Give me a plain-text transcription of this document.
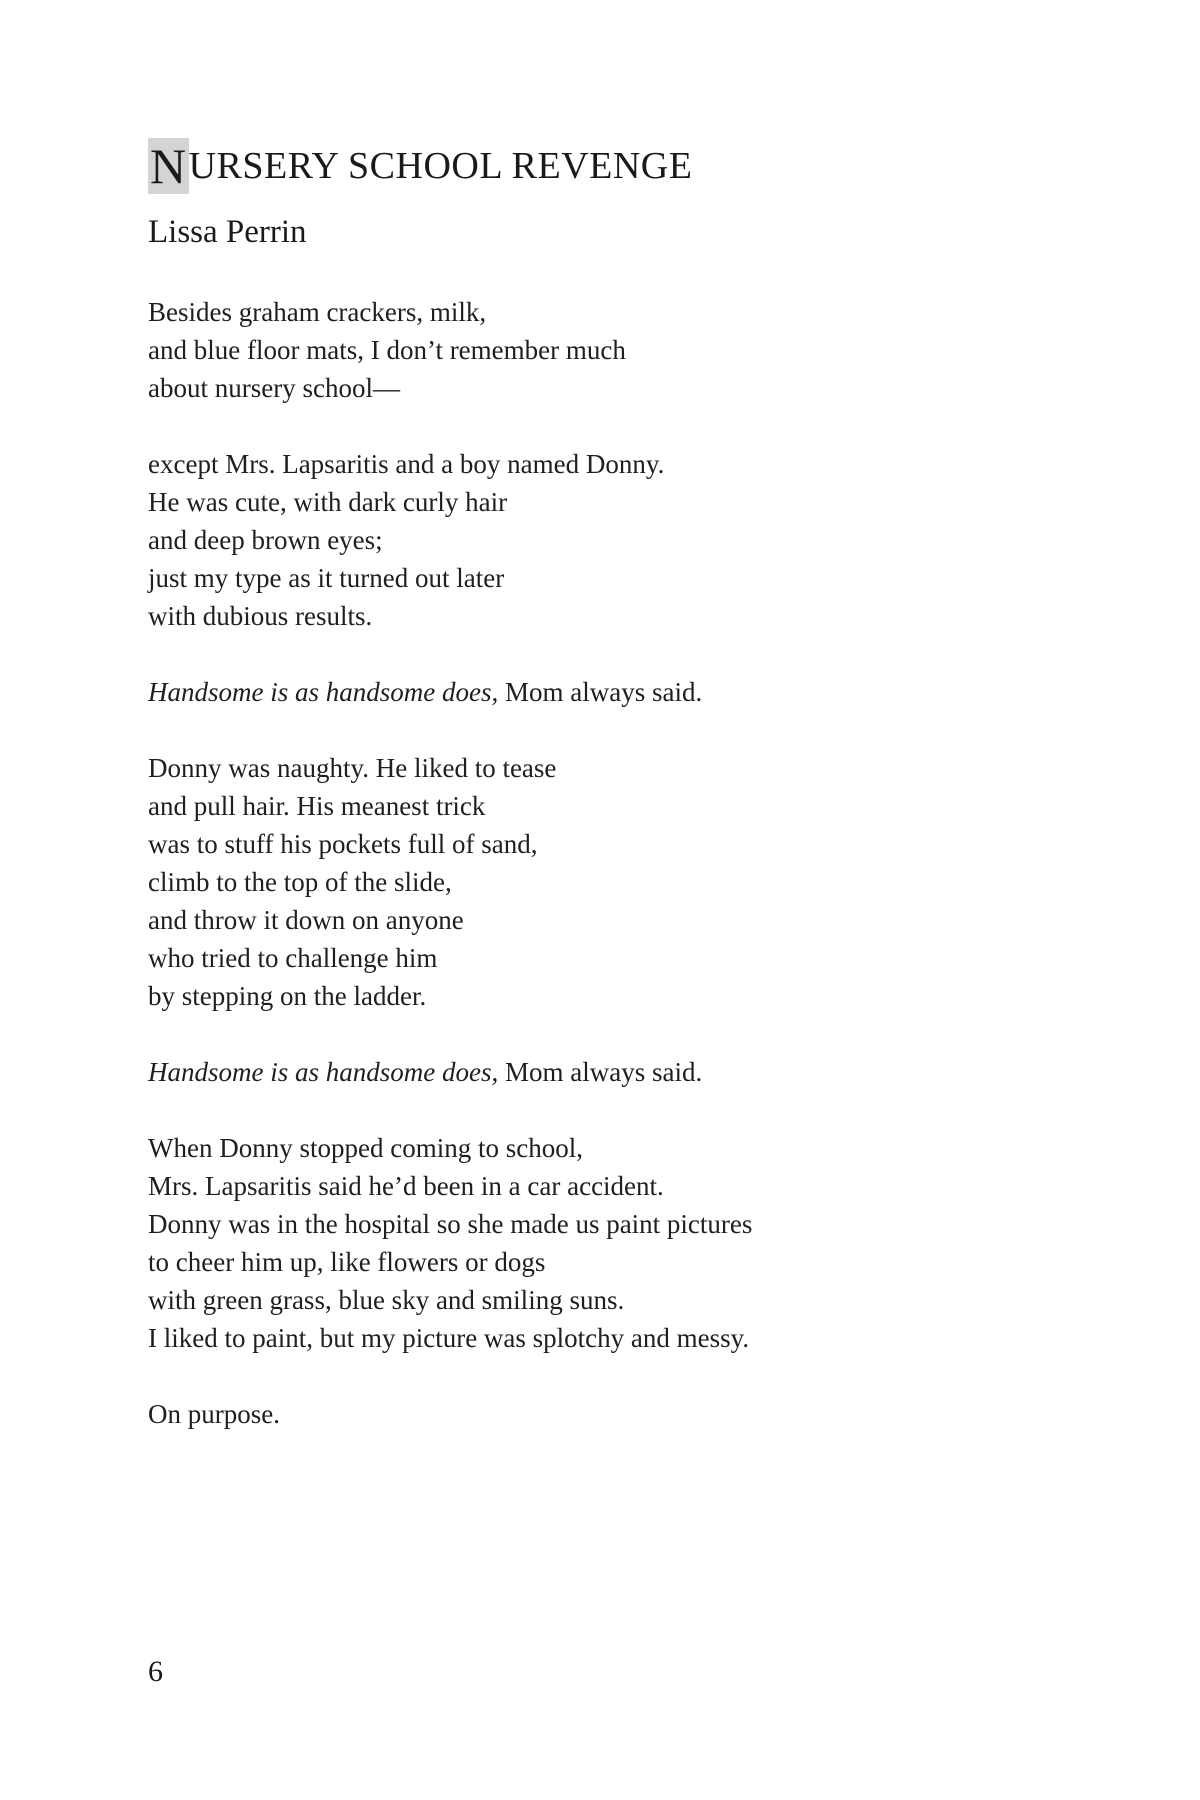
NURSERY SCHOOL REVENGE
Lissa Perrin
Besides graham crackers, milk,
and blue floor mats, I don’t remember much
about nursery school—
except Mrs. Lapsaritis and a boy named Donny.
He was cute, with dark curly hair
and deep brown eyes;
just my type as it turned out later
with dubious results.
Handsome is as handsome does, Mom always said.
Donny was naughty. He liked to tease
and pull hair. His meanest trick
was to stuff his pockets full of sand,
climb to the top of the slide,
and throw it down on anyone
who tried to challenge him
by stepping on the ladder.
Handsome is as handsome does, Mom always said.
When Donny stopped coming to school,
Mrs. Lapsaritis said he’d been in a car accident.
Donny was in the hospital so she made us paint pictures
to cheer him up, like flowers or dogs
with green grass, blue sky and smiling suns.
I liked to paint, but my picture was splotchy and messy.
On purpose.
6
